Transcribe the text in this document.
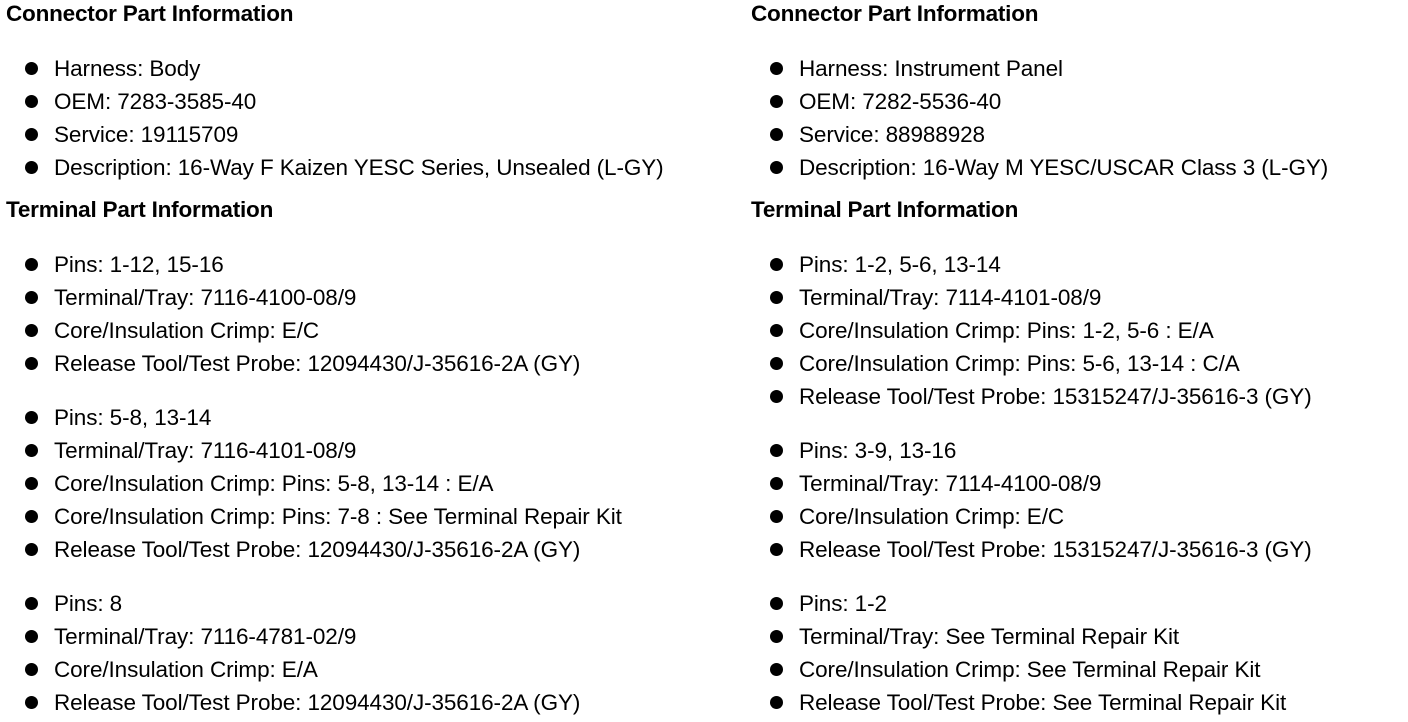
Connector Part Information
Harness: Body
OEM: 7283-3585-40
Service: 19115709
Description: 16-Way F Kaizen YESC Series, Unsealed (L-GY)
Terminal Part Information
Pins: 1-12, 15-16
Terminal/Tray: 7116-4100-08/9
Core/Insulation Crimp: E/C
Release Tool/Test Probe: 12094430/J-35616-2A (GY)
Pins: 5-8, 13-14
Terminal/Tray: 7116-4101-08/9
Core/Insulation Crimp: Pins: 5-8, 13-14 : E/A
Core/Insulation Crimp: Pins: 7-8 : See Terminal Repair Kit
Release Tool/Test Probe: 12094430/J-35616-2A (GY)
Pins: 8
Terminal/Tray: 7116-4781-02/9
Core/Insulation Crimp: E/A
Release Tool/Test Probe: 12094430/J-35616-2A (GY)
Connector Part Information
Harness: Instrument Panel
OEM: 7282-5536-40
Service: 88988928
Description: 16-Way M YESC/USCAR Class 3 (L-GY)
Terminal Part Information
Pins: 1-2, 5-6, 13-14
Terminal/Tray: 7114-4101-08/9
Core/Insulation Crimp: Pins: 1-2, 5-6 : E/A
Core/Insulation Crimp: Pins: 5-6, 13-14 : C/A
Release Tool/Test Probe: 15315247/J-35616-3 (GY)
Pins: 3-9, 13-16
Terminal/Tray: 7114-4100-08/9
Core/Insulation Crimp: E/C
Release Tool/Test Probe: 15315247/J-35616-3 (GY)
Pins: 1-2
Terminal/Tray: See Terminal Repair Kit
Core/Insulation Crimp: See Terminal Repair Kit
Release Tool/Test Probe: See Terminal Repair Kit
